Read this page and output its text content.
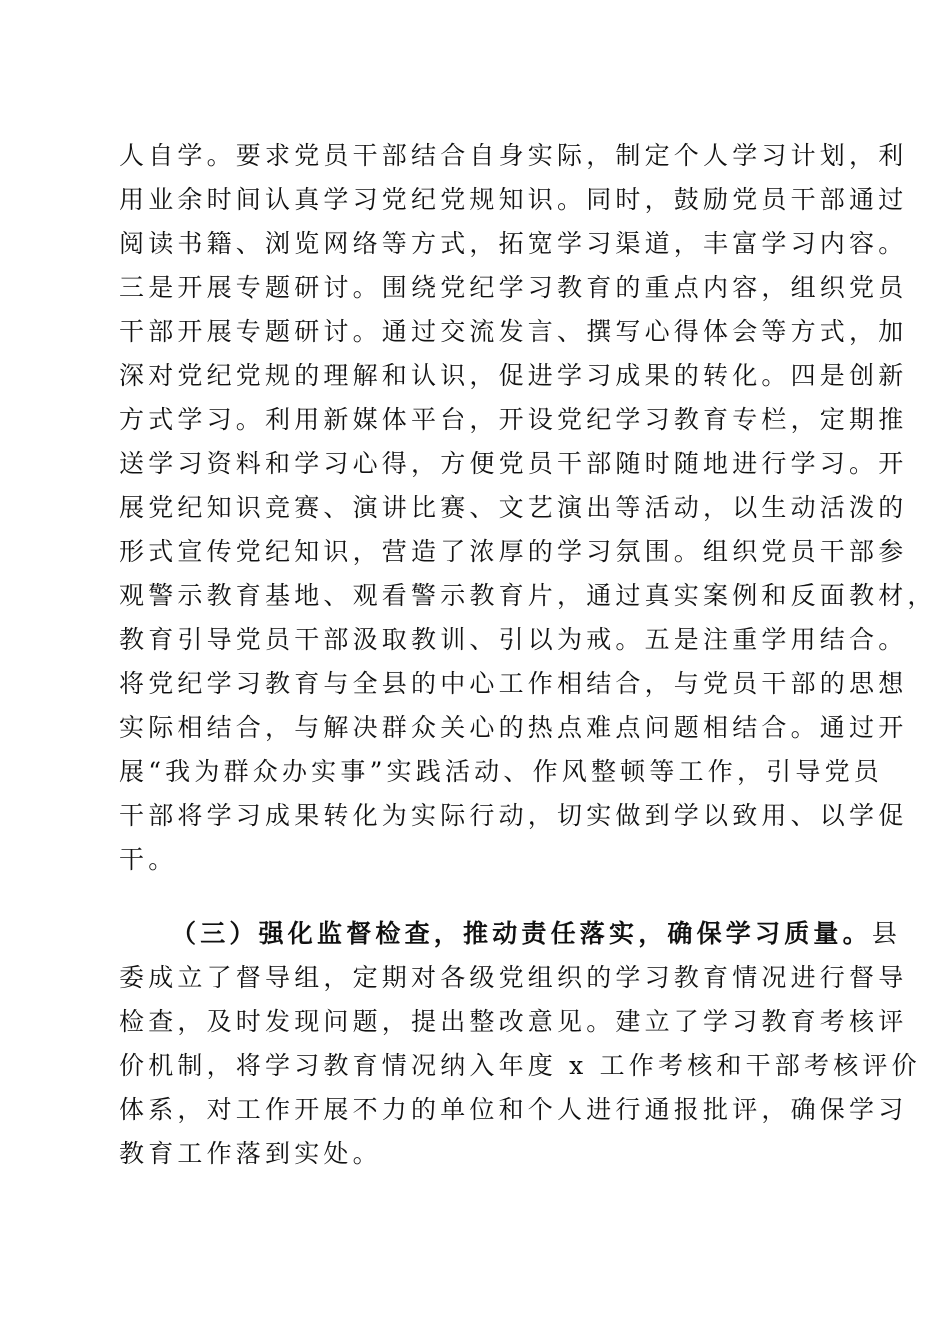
人自学。要求党员干部结合自身实际，制定个人学习计划，利
用业余时间认真学习党纪党规知识。同时，鼓励党员干部通过
阅读书籍、浏览网络等方式，拓宽学习渠道，丰富学习内容。
三是开展专题研讨。围绕党纪学习教育的重点内容，组织党员
干部开展专题研讨。通过交流发言、撰写心得体会等方式，加
深对党纪党规的理解和认识，促进学习成果的转化。四是创新
方式学习。利用新媒体平台，开设党纪学习教育专栏，定期推
送学习资料和学习心得，方便党员干部随时随地进行学习。开
展党纪知识竞赛、演讲比赛、文艺演出等活动，以生动活泼的
形式宣传党纪知识，营造了浓厚的学习氛围。组织党员干部参
观警示教育基地、观看警示教育片，通过真实案例和反面教材，
教育引导党员干部汲取教训、引以为戒。五是注重学用结合。
将党纪学习教育与全县的中心工作相结合，与党员干部的思想
实际相结合，与解决群众关心的热点难点问题相结合。通过开
展“我为群众办实事”实践活动、作风整顿等工作，引导党员
干部将学习成果转化为实际行动，切实做到学以致用、以学促
干。
（三）强化监督检查，推动责任落实，确保学习质量。县
委成立了督导组，定期对各级党组织的学习教育情况进行督导
检查，及时发现问题，提出整改意见。建立了学习教育考核评
价机制，将学习教育情况纳入年度 x 工作考核和干部考核评价
体系，对工作开展不力的单位和个人进行通报批评，确保学习
教育工作落到实处。
